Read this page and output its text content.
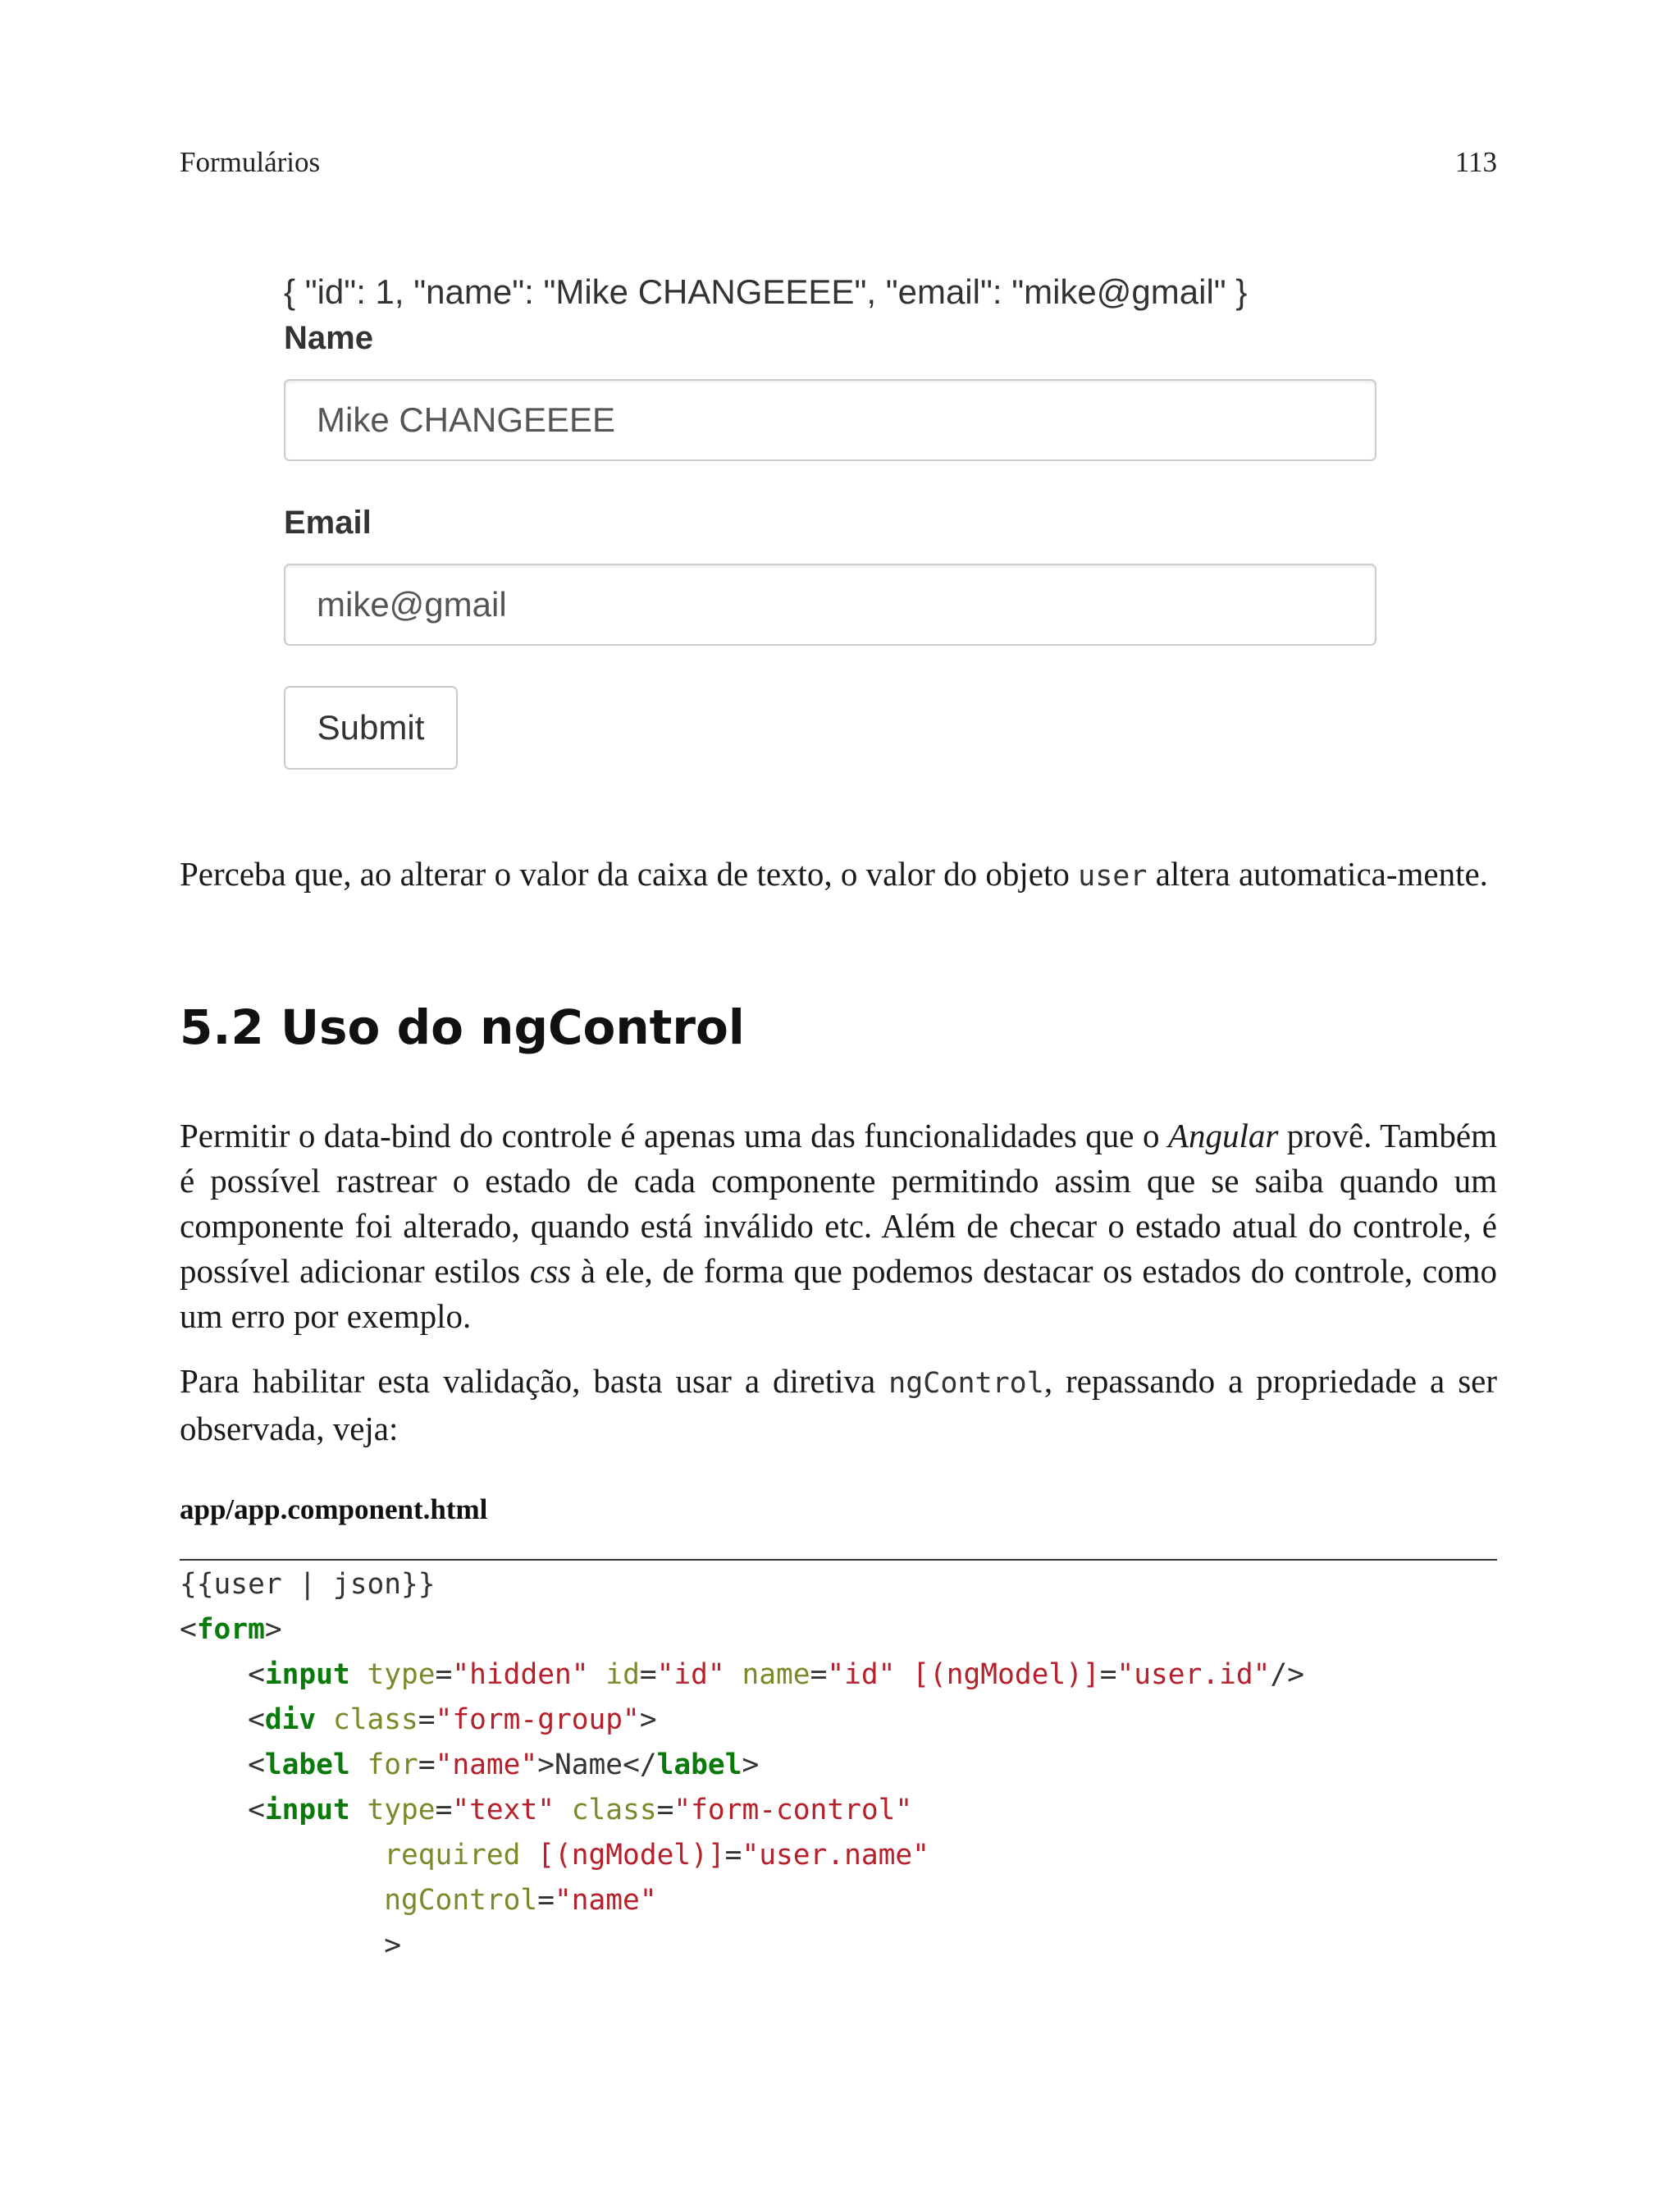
Formulários	113
{ "id": 1, "name": "Mike CHANGEEEE", "email": "mike@gmail" }
Name
Mike CHANGEEEE
Email
mike@gmail
Submit

Perceba que, ao alterar o valor da caixa de texto, o valor do objeto user altera automatica-mente.

5.2 Uso do ngControl

Permitir o data-bind do controle é apenas uma das funcionalidades que o Angular provê. Também é possível rastrear o estado de cada componente permitindo assim que se saiba quando um componente foi alterado, quando está inválido etc. Além de checar o estado atual do controle, é possível adicionar estilos css à ele, de forma que podemos destacar os estados do controle, como um erro por exemplo.

Para habilitar esta validação, basta usar a diretiva ngControl, repassando a propriedade a ser observada, veja:

app/app.component.html
{{user | json}}
<form>
<input type="hidden" id="id" name="id" [(ngModel)]="user.id"/>
<div class="form-group">
<label for="name">Name</label>
<input type="text" class="form-control"
required [(ngModel)]="user.name"
ngControl="name"
>
